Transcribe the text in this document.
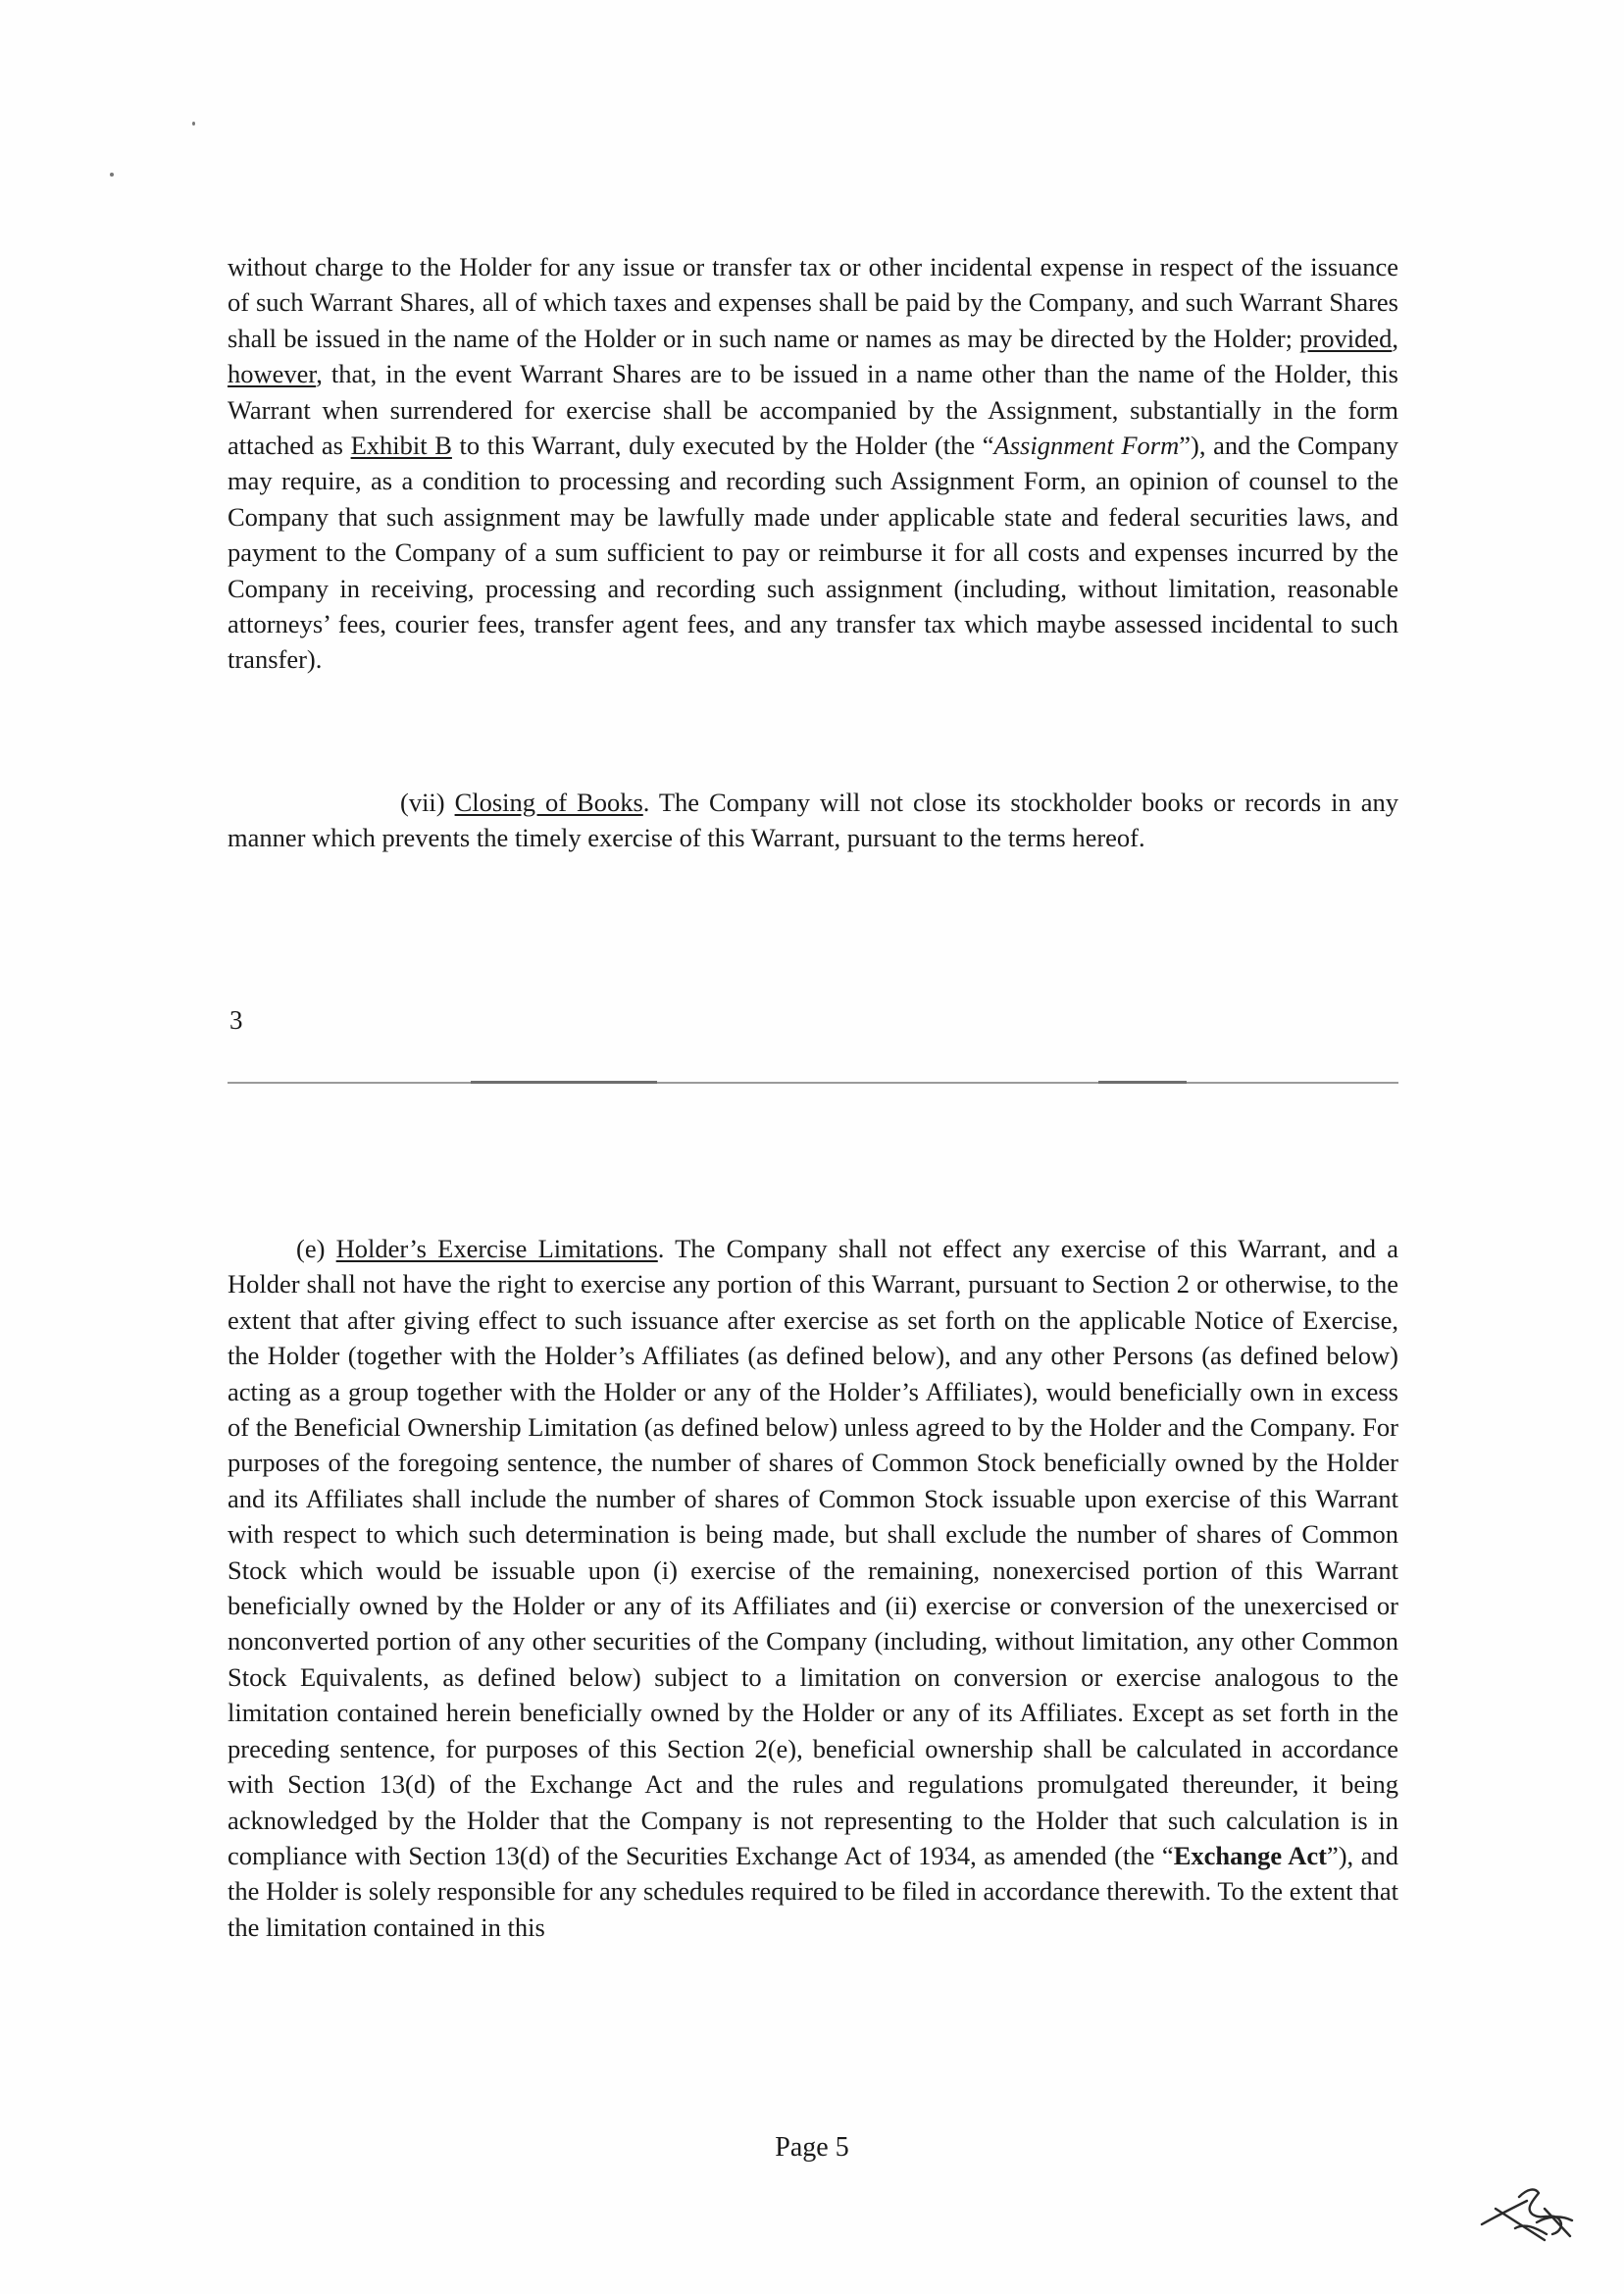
without charge to the Holder for any issue or transfer tax or other incidental expense in respect of the issuance of such Warrant Shares, all of which taxes and expenses shall be paid by the Company, and such Warrant Shares shall be issued in the name of the Holder or in such name or names as may be directed by the Holder; provided, however, that, in the event Warrant Shares are to be issued in a name other than the name of the Holder, this Warrant when surrendered for exercise shall be accompanied by the Assignment, substantially in the form attached as Exhibit B to this Warrant, duly executed by the Holder (the “Assignment Form”), and the Company may require, as a condition to processing and recording such Assignment Form, an opinion of counsel to the Company that such assignment may be lawfully made under applicable state and federal securities laws, and payment to the Company of a sum sufficient to pay or reimburse it for all costs and expenses incurred by the Company in receiving, processing and recording such assignment (including, without limitation, reasonable attorneys’ fees, courier fees, transfer agent fees, and any transfer tax which maybe assessed incidental to such transfer).

(vii) Closing of Books. The Company will not close its stockholder books or records in any manner which prevents the timely exercise of this Warrant, pursuant to the terms hereof.

3

(e) Holder’s Exercise Limitations. The Company shall not effect any exercise of this Warrant, and a Holder shall not have the right to exercise any portion of this Warrant, pursuant to Section 2 or otherwise, to the extent that after giving effect to such issuance after exercise as set forth on the applicable Notice of Exercise, the Holder (together with the Holder’s Affiliates (as defined below), and any other Persons (as defined below) acting as a group together with the Holder or any of the Holder’s Affiliates), would beneficially own in excess of the Beneficial Ownership Limitation (as defined below) unless agreed to by the Holder and the Company. For purposes of the foregoing sentence, the number of shares of Common Stock beneficially owned by the Holder and its Affiliates shall include the number of shares of Common Stock issuable upon exercise of this Warrant with respect to which such determination is being made, but shall exclude the number of shares of Common Stock which would be issuable upon (i) exercise of the remaining, nonexercised portion of this Warrant beneficially owned by the Holder or any of its Affiliates and (ii) exercise or conversion of the unexercised or nonconverted portion of any other securities of the Company (including, without limitation, any other Common Stock Equivalents, as defined below) subject to a limitation on conversion or exercise analogous to the limitation contained herein beneficially owned by the Holder or any of its Affiliates. Except as set forth in the preceding sentence, for purposes of this Section 2(e), beneficial ownership shall be calculated in accordance with Section 13(d) of the Exchange Act and the rules and regulations promulgated thereunder, it being acknowledged by the Holder that the Company is not representing to the Holder that such calculation is in compliance with Section 13(d) of the Securities Exchange Act of 1934, as amended (the “Exchange Act”), and the Holder is solely responsible for any schedules required to be filed in accordance therewith. To the extent that the limitation contained in this

Page 5
